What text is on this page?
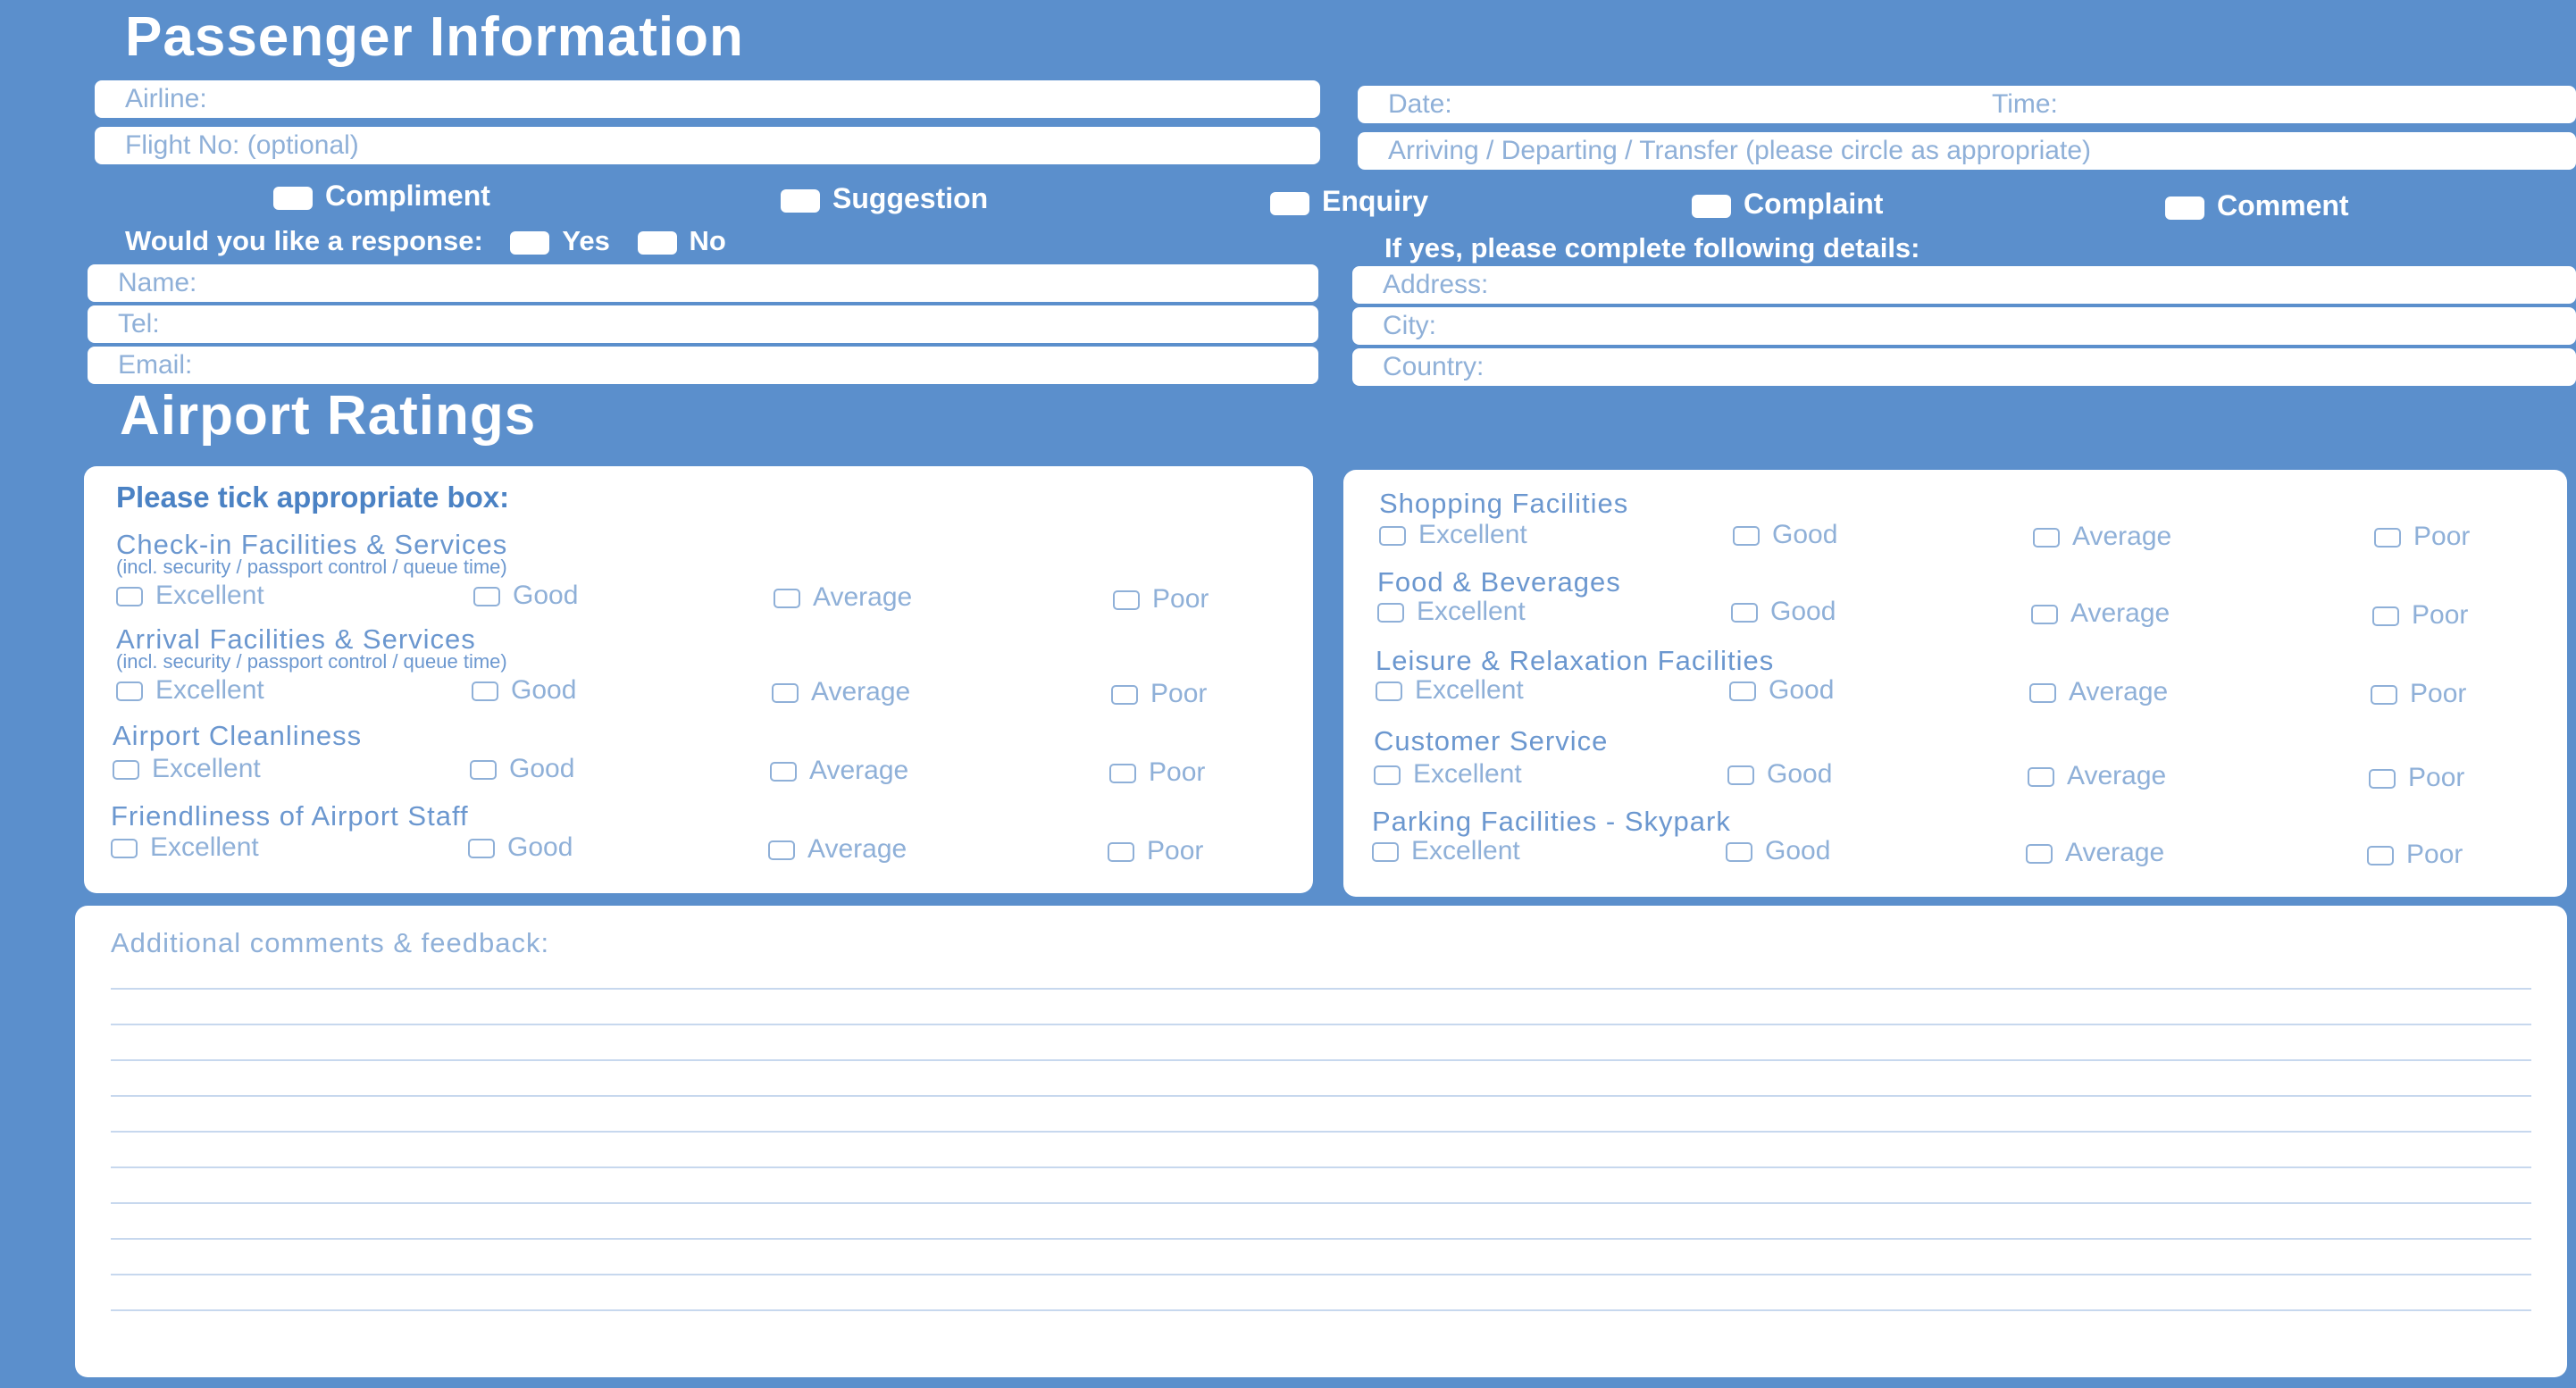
Passenger Information
Airline:
Flight No: (optional)
Date:	Time:
Arriving / Departing / Transfer (please circle as appropriate)
Compliment	Suggestion	Enquiry	Complaint	Comment
Would you like a response:	Yes	No	If yes, please complete following details:
Name:
Tel:
Email:
Address:
City:
Country:
Airport Ratings
Please tick appropriate box:
Check-in Facilities & Services
(incl. security / passport control / queue time)
Excellent	Good	Average	Poor
Arrival Facilities & Services
(incl. security / passport control / queue time)
Excellent	Good	Average	Poor
Airport Cleanliness
Excellent	Good	Average	Poor
Friendliness of Airport Staff
Excellent	Good	Average	Poor
Shopping Facilities
Excellent	Good	Average	Poor
Food & Beverages
Excellent	Good	Average	Poor
Leisure & Relaxation Facilities
Excellent	Good	Average	Poor
Customer Service
Excellent	Good	Average	Poor
Parking Facilities - Skypark
Excellent	Good	Average	Poor
Additional comments & feedback:
